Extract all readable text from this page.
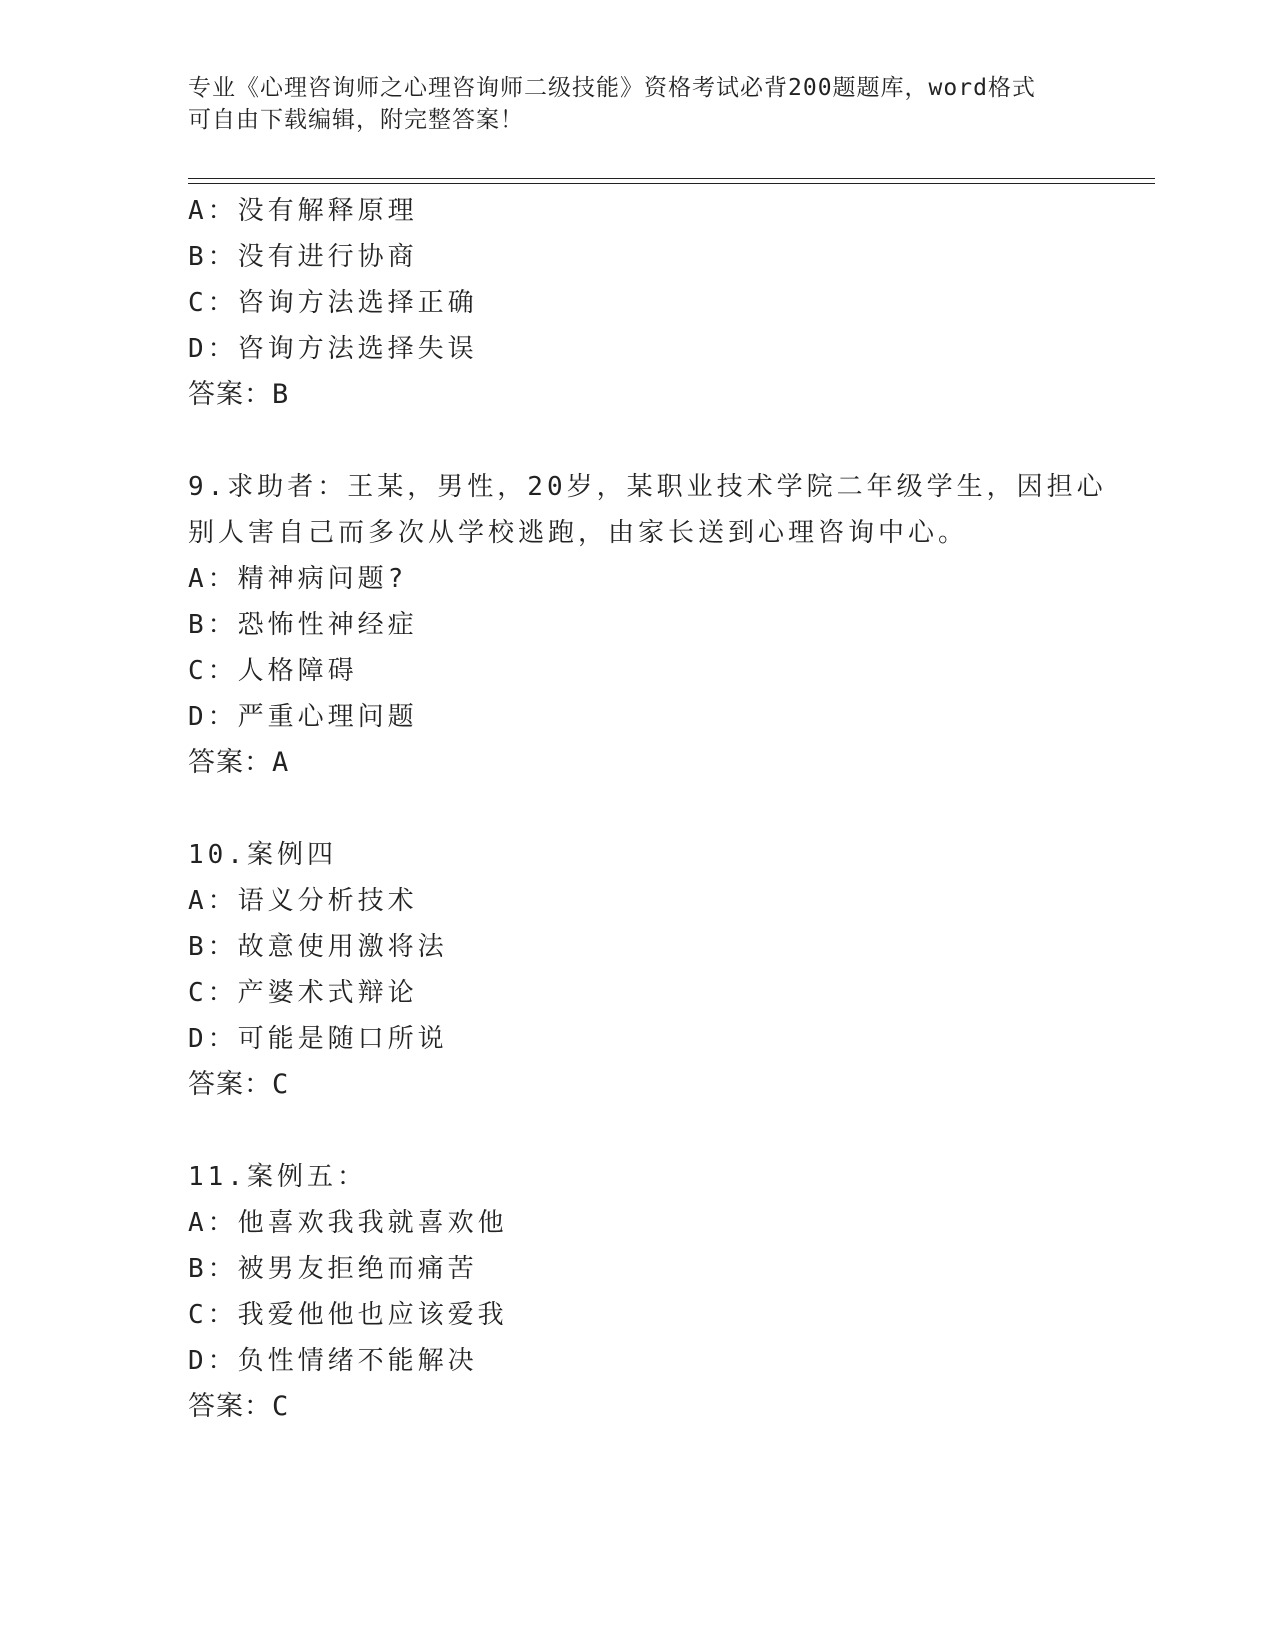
专业《心理咨询师之心理咨询师二级技能》资格考试必背200题题库，word格式
可自由下载编辑，附完整答案！
A：没有解释原理
B：没有进行协商
C：咨询方法选择正确
D：咨询方法选择失误
答案：B
9.求助者：王某，男性，20岁，某职业技术学院二年级学生，因担心
别人害自己而多次从学校逃跑，由家长送到心理咨询中心。
A：精神病问题?
B：恐怖性神经症
C：人格障碍
D：严重心理问题
答案：A
10.案例四
A：语义分析技术
B：故意使用激将法
C：产婆术式辩论
D：可能是随口所说
答案：C
11.案例五：
A：他喜欢我我就喜欢他
B：被男友拒绝而痛苦
C：我爱他他也应该爱我
D：负性情绪不能解决
答案：C
